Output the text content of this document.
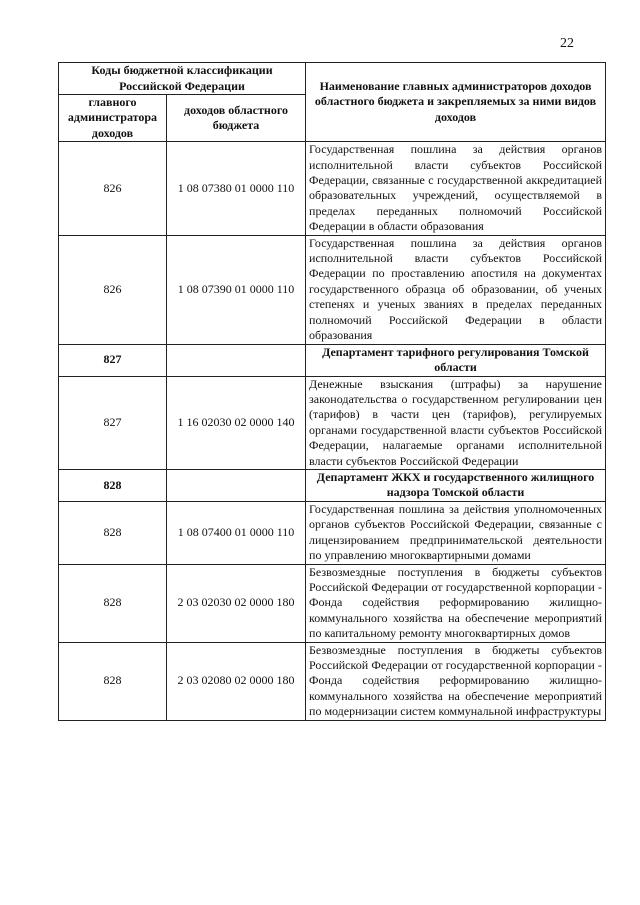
22
Коды бюджетной классификации Российской Федерации		Наименование главных администраторов доходов областного бюджета и закрепляемых за ними видов доходов
главного администратора доходов	доходов областного бюджета	
826	1 08 07380 01 0000 110	Государственная пошлина за действия органов исполнительной власти субъектов Российской Федерации, связанные с государственной аккредитацией образовательных учреждений, осуществляемой в пределах переданных полномочий Российской Федерации в области образования
826	1 08 07390 01 0000 110	Государственная пошлина за действия органов исполнительной власти субъектов Российской Федерации по проставлению апостиля на документах государственного образца об образовании, об ученых степенях и ученых званиях в пределах переданных полномочий Российской Федерации в области образования
827		Департамент тарифного регулирования Томской области
827	1 16 02030 02 0000 140	Денежные взыскания (штрафы) за нарушение законодательства о государственном регулировании цен (тарифов) в части цен (тарифов), регулируемых органами государственной власти субъектов Российской Федерации, налагаемые органами исполнительной власти субъектов Российской Федерации
828		Департамент ЖКХ и государственного жилищного надзора Томской области
828	1 08 07400 01 0000 110	Государственная пошлина за действия уполномоченных органов субъектов Российской Федерации, связанные с лицензированием предпринимательской деятельности по управлению многоквартирными домами
828	2 03 02030 02 0000 180	Безвозмездные поступления в бюджеты субъектов Российской Федерации от государственной корпорации - Фонда содействия реформированию жилищно-коммунального хозяйства на обеспечение мероприятий по капитальному ремонту многоквартирных домов
828	2 03 02080 02 0000 180	Безвозмездные поступления в бюджеты субъектов Российской Федерации от государственной корпорации - Фонда содействия реформированию жилищно-коммунального хозяйства на обеспечение мероприятий по модернизации систем коммунальной инфраструктуры
